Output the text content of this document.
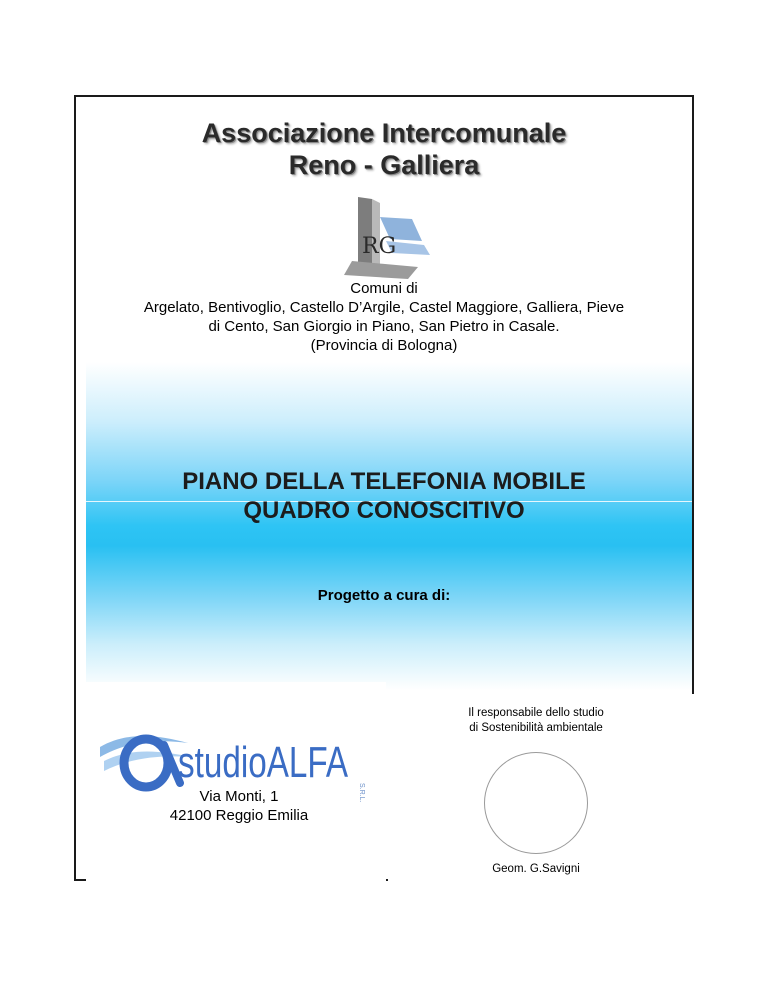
Associazione Intercomunale
Reno - Galliera
RG
Comuni di
Argelato, Bentivoglio, Castello D’Argile, Castel Maggiore, Galliera, Pieve
di Cento, San Giorgio in Piano, San Pietro in Casale.
(Provincia di Bologna)
PIANO DELLA TELEFONIA MOBILE
QUADRO CONOSCITIVO
Progetto a cura di:
studioALFA
S.R.L.
Via Monti, 1
42100 Reggio Emilia
Il responsabile dello studio
di Sostenibilità ambientale
Geom. G.Savigni
